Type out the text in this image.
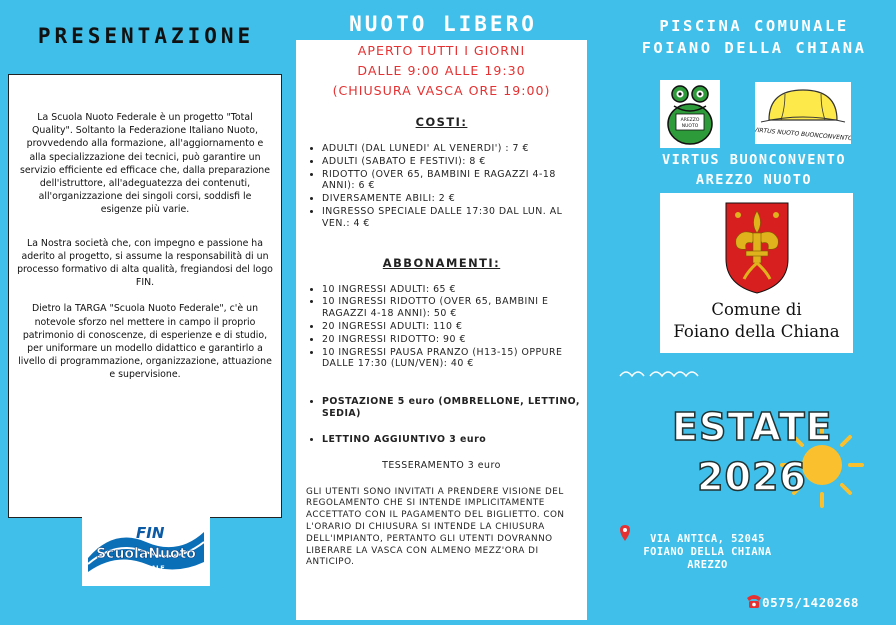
PRESENTAZIONE

La Scuola Nuoto Federale è un progetto "Total Quality". Soltanto la Federazione Italiano Nuoto, provvedendo alla formazione, all'aggiornamento e alla specializzazione dei tecnici, può garantire un servizio efficiente ed efficace che, dalla preparazione dell'istruttore, all'adeguatezza dei contenuti, all'organizzazione dei singoli corsi, soddisfi le esigenze più varie.

La Nostra società che, con impegno e passione ha aderito al progetto, si assume la responsabilità di un processo formativo di alta qualità, fregiandosi del logo FIN.

Dietro la TARGA "Scuola Nuoto Federale", c'è un notevole sforzo nel mettere in campo il proprio patrimonio di conoscenze, di esperienze e di studio, per uniformare un modello didattico e garantirlo a livello di programmazione, organizzazione, attuazione e supervisione.

FIN
ScuolaNuoto
FEDERALE
NUOTO LIBERO
APERTO TUTTI I GIORNI
DALLE 9:00 ALLE 19:30
(CHIUSURA VASCA ORE 19:00)
COSTI:
• ADULTI (DAL LUNEDI' AL VENERDI') : 7 €
• ADULTI (SABATO E FESTIVI): 8 €
• RIDOTTO (OVER 65, BAMBINI E RAGAZZI 4-18 ANNI): 6 €
• DIVERSAMENTE ABILI: 2 €
• INGRESSO SPECIALE DALLE 17:30 DAL LUN. AL VEN.: 4 €
ABBONAMENTI:
• 10 INGRESSI ADULTI: 65 €
• 10 INGRESSI RIDOTTO (OVER 65, BAMBINI E RAGAZZI 4-18 ANNI): 50 €
• 20 INGRESSI ADULTI: 110 €
• 20 INGRESSI RIDOTTO: 90 €
• 10 INGRESSI PAUSA PRANZO (H13-15) OPPURE DALLE 17:30 (LUN/VEN): 40 €
• POSTAZIONE 5 euro (OMBRELLONE, LETTINO, SEDIA)
• LETTINO AGGIUNTIVO 3 euro
TESSERAMENTO 3 euro
GLI UTENTI SONO INVITATI A PRENDERE VISIONE DEL REGOLAMENTO CHE SI INTENDE IMPLICITAMENTE ACCETTATO CON IL PAGAMENTO DEL BIGLIETTO. CON L'ORARIO DI CHIUSURA SI INTENDE LA CHIUSURA DELL'IMPIANTO, PERTANTO GLI UTENTI DOVRANNO LIBERARE LA VASCA CON ALMENO MEZZ'ORA DI ANTICIPO.
PISCINA COMUNALE
FOIANO DELLA CHIANA
AREZZO
NUOTO
VIRTUS NUOTO BUONCONVENTO
VIRTUS BUONCONVENTO
AREZZO NUOTO
Comune di
Foiano della Chiana
ESTATE
2026
VIA ANTICA, 52045
FOIANO DELLA CHIANA
AREZZO
0575/1420268
